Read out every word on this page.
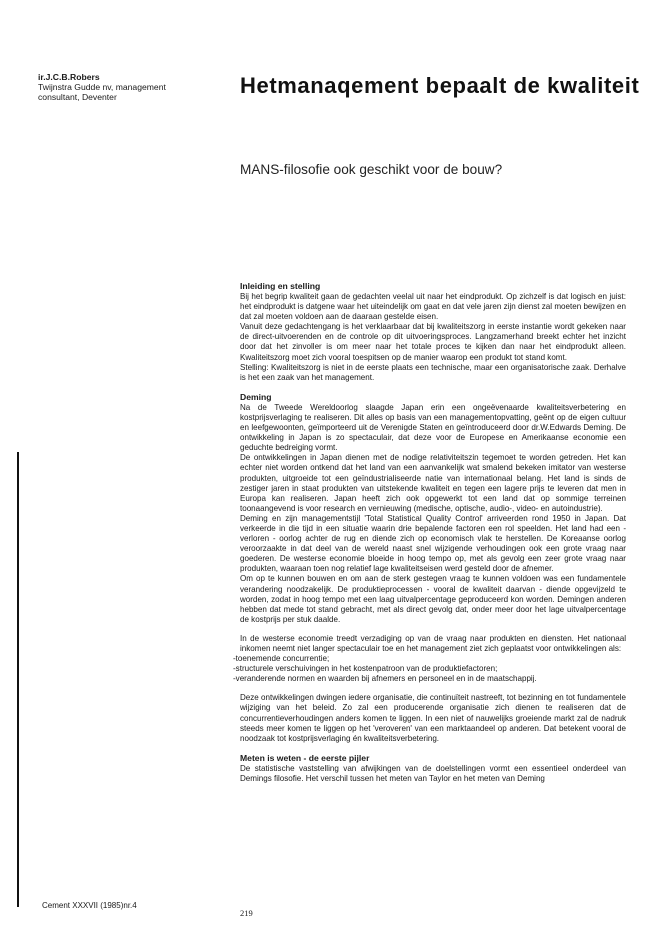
ir.J.C.B.Robers
Twijnstra Gudde nv, management consultant, Deventer	Hetmanaqement bepaalt de kwaliteit
MANS-filosofie ook geschikt voor de bouw?
Inleiding en stelling

Bij het begrip kwaliteit gaan de gedachten veelal uit naar het eindprodukt. Op zichzelf is dat logisch en juist: het eindprodukt is datgene waar het uiteindelijk om gaat en dat vele jaren zijn dienst zal moeten bewijzen en dat zal moeten voldoen aan de daaraan gestelde eisen.

Vanuit deze gedachtengang is het verklaarbaar dat bij kwaliteitszorg in eerste instantie wordt gekeken naar de direct-uitvoerenden en de controle op dit uitvoeringsproces. Langzamerhand breekt echter het inzicht door dat het zinvoller is om meer naar het totale proces te kijken dan naar het eindprodukt alleen. Kwaliteitszorg moet zich vooral toespitsen op de manier waarop een produkt tot stand komt.

Stelling: Kwaliteitszorg is niet in de eerste plaats een technische, maar een organisatorische zaak. Derhalve is het een zaak van het management.

Deming

Na de Tweede Wereldoorlog slaagde Japan erin een ongeëvenaarde kwaliteitsverbetering en kostprijsverlaging te realiseren. Dit alles op basis van een managementopvatting, geënt op de eigen cultuur en leefgewoonten, geïmporteerd uit de Verenigde Staten en geïntroduceerd door dr.W.Edwards Deming. De ontwikkeling in Japan is zo spectaculair, dat deze voor de Europese en Amerikaanse economie een geduchte bedreiging vormt.

De ontwikkelingen in Japan dienen met de nodige relativiteitszin tegemoet te worden getreden. Het kan echter niet worden ontkend dat het land van een aanvankelijk wat smalend bekeken imitator van westerse produkten, uitgroeide tot een geïndustrialiseerde natie van internationaal belang. Het land is sinds de zestiger jaren in staat produkten van uitstekende kwaliteit en tegen een lagere prijs te leveren dat men in Europa kan realiseren. Japan heeft zich ook opgewerkt tot een land dat op sommige terreinen toonaangevend is voor research en vernieuwing (medische, optische, audio-, video- en autoindustrie).

Deming en zijn managementstijl 'Total Statistical Quality Control' arriveerden rond 1950 in Japan. Dat verkeerde in die tijd in een situatie waarin drie bepalende factoren een rol speelden. Het land had een - verloren - oorlog achter de rug en diende zich op economisch vlak te herstellen. De Koreaanse oorlog veroorzaakte in dat deel van de wereld naast snel wijzigende verhoudingen ook een grote vraag naar goederen. De westerse economie bloeide in hoog tempo op, met als gevolg een zeer grote vraag naar produkten, waaraan toen nog relatief lage kwaliteitseisen werd gesteld door de afnemer.

Om op te kunnen bouwen en om aan de sterk gestegen vraag te kunnen voldoen was een fundamentele verandering noodzakelijk. De produktieprocessen - vooral de kwaliteit daarvan - diende opgevijzeld te worden, zodat in hoog tempo met een laag uitvalpercentage geproduceerd kon worden. Demingen anderen hebben dat mede tot stand gebracht, met als direct gevolg dat, onder meer door het lage uitvalpercentage de kostprijs per stuk daalde.

In de westerse economie treedt verzadiging op van de vraag naar produkten en diensten. Het nationaal inkomen neemt niet langer spectaculair toe en het management ziet zich geplaatst voor ontwikkelingen als:

-toenemende concurrentie;
-structurele verschuivingen in het kostenpatroon van de produktiefactoren;
-veranderende normen en waarden bij afnemers en personeel en in de maatschappij.

Deze ontwikkelingen dwingen iedere organisatie, die continuïteit nastreeft, tot bezinning en tot fundamentele wijziging van het beleid. Zo zal een producerende organisatie zich dienen te realiseren dat de concurrentieverhoudingen anders komen te liggen. In een niet of nauwelijks groeiende markt zal de nadruk steeds meer komen te liggen op het 'veroveren' van een marktaandeel op anderen. Dat betekent vooral de noodzaak tot kostprijsverlaging én kwaliteitsverbetering.

Meten is weten - de eerste pijler

De statistische vaststelling van afwijkingen van de doelstellingen vormt een essentieel onderdeel van Demings filosofie. Het verschil tussen het meten van Taylor en het meten van Deming

Cement XXXVII (1985)nr.4
219
